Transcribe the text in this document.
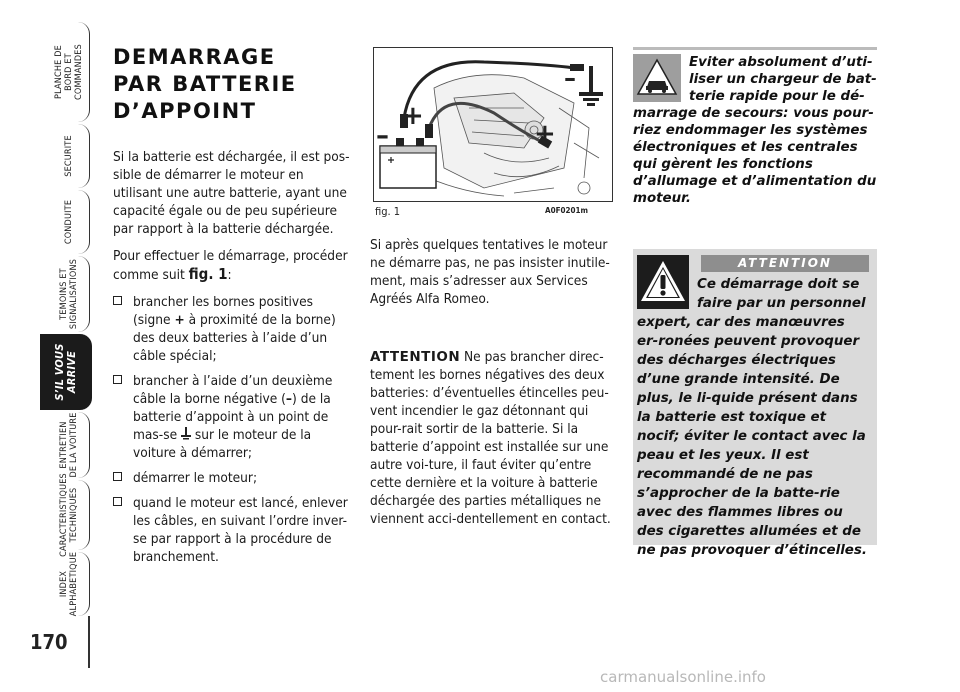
PLANCHE DE
BORD ET
COMMANDES
SECURITE
CONDUITE
TEMOINS ET
SIGNALISATIONS
S’IL VOUS
ARRIVE
ENTRETIEN
DE LA VOITURE
CARACTERISTIQUES
TECHNIQUES
INDEX
ALPHABETIQUE
170
DEMARRAGE
PAR BATTERIE
D’APPOINT

Si la batterie est déchargée, il est pos-sible de démarrer le moteur en utilisant une autre batterie, ayant une capacité égale ou de peu supérieure par rapport à la batterie déchargée.

Pour effectuer le démarrage, procéder comme suit fig. 1:

brancher les bornes positives (signe + à proximité de la borne) des deux batteries à l’aide d’un câble spécial;
brancher à l’aide d’un deuxième câble la borne négative (–) de la batterie d’appoint à un point de mas-se  sur le moteur de la voiture à démarrer;
démarrer le moteur;
quand le moteur est lancé, enlever les câbles, en suivant l’ordre inver-se par rapport à la procédure de branchement.
–
+
–
+
fig. 1	A0F0201m

Si après quelques tentatives le moteur ne démarre pas, ne pas insister inutile-ment, mais s’adresser aux Services Agréés Alfa Romeo.

ATTENTION Ne pas brancher direc-tement les bornes négatives des deux batteries: d’éventuelles étincelles peu-vent incendier le gaz détonnant qui pour-rait sortir de la batterie. Si la batterie d’appoint est installée sur une autre voi-ture, il faut éviter qu’entre cette dernière et la voiture à batterie déchargée des parties métalliques ne viennent acci-dentellement en contact.

Eviter absolument d’uti-liser un chargeur de bat-terie rapide pour le dé-marrage de secours: vous pour-riez endommager les systèmes électroniques et les centrales qui gèrent les fonctions d’allumage et d’alimentation du moteur.
ATTENTION
Ce démarrage doit se faire par un personnel expert, car des manœuvres er-ronées peuvent provoquer des décharges électriques d’une grande intensité. De plus, le li-quide présent dans la batterie est toxique et nocif; éviter le contact avec la peau et les yeux. Il est recommandé de ne pas s’approcher de la batte-rie avec des flammes libres ou des cigarettes allumées et de ne pas provoquer d’étincelles.
carmanualsonline.info
